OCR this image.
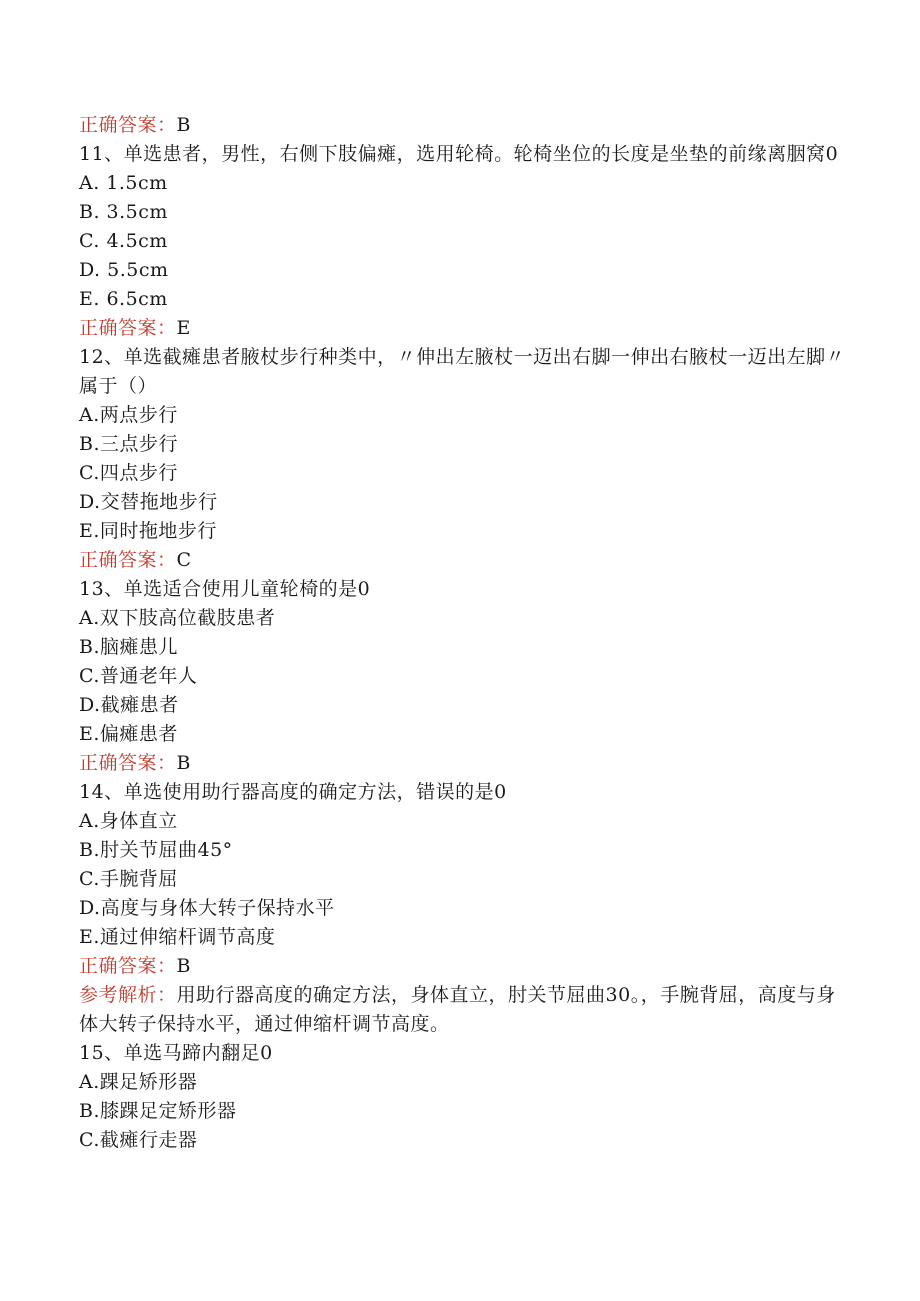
正确答案：B
11、单选患者，男性，右侧下肢偏瘫，选用轮椅。轮椅坐位的长度是坐垫的前缘离胭窝0
A. 1.5cm
B. 3.5cm
C. 4.5cm
D. 5.5cm
E. 6.5cm
正确答案：E
12、单选截瘫患者腋杖步行种类中，〃伸出左腋杖一迈出右脚一伸出右腋杖一迈出左脚〃属于（）
A.两点步行
B.三点步行
C.四点步行
D.交替拖地步行
E.同时拖地步行
正确答案：C
13、单选适合使用儿童轮椅的是0
A.双下肢高位截肢患者
B.脑瘫患儿
C.普通老年人
D.截瘫患者
E.偏瘫患者
正确答案：B
14、单选使用助行器高度的确定方法，错误的是0
A.身体直立
B.肘关节屈曲45°
C.手腕背屈
D.高度与身体大转子保持水平
E.通过伸缩杆调节高度
正确答案：B
参考解析：用助行器高度的确定方法，身体直立，肘关节屈曲30。，手腕背屈，高度与身体大转子保持水平，通过伸缩杆调节高度。
15、单选马蹄内翻足0
A.踝足矫形器
B.膝踝足定矫形器
C.截瘫行走器
